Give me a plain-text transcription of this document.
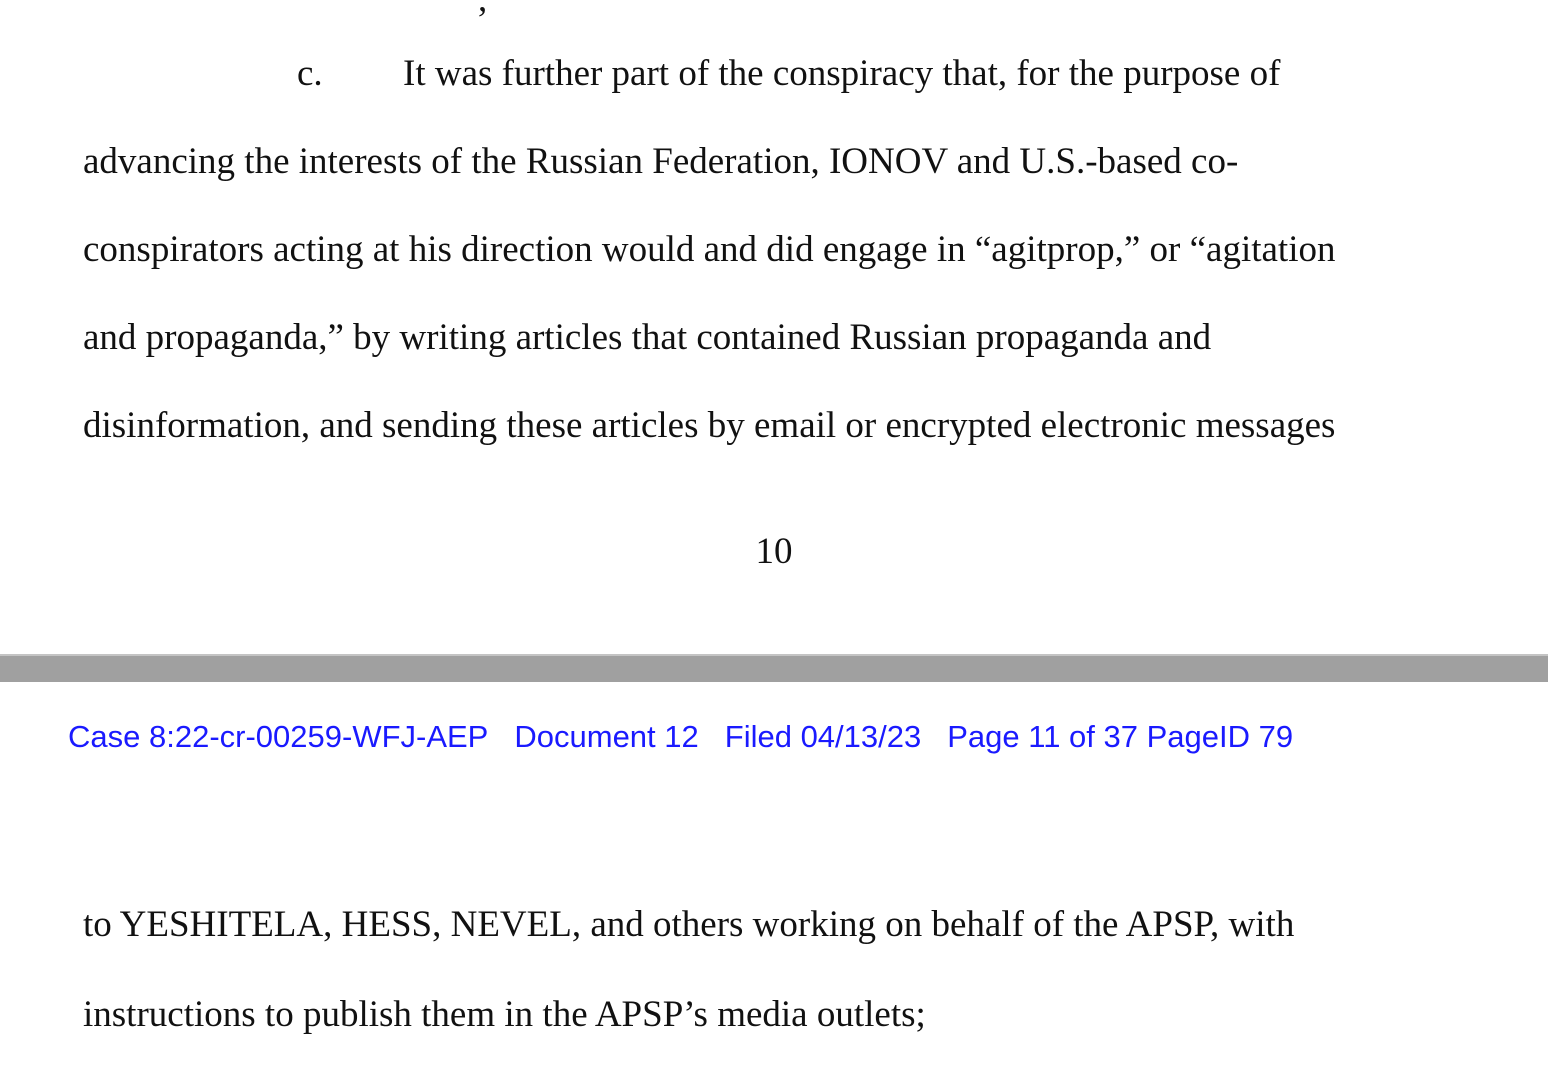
c. It was further part of the conspiracy that, for the purpose of
advancing the interests of the Russian Federation, IONOV and U.S.-based co-
conspirators acting at his direction would and did engage in “agitprop,” or “agitation
and propaganda,” by writing articles that contained Russian propaganda and
disinformation, and sending these articles by email or encrypted electronic messages
10
Case 8:22-cr-00259-WFJ-AEP Document 12 Filed 04/13/23 Page 11 of 37 PageID 79
to YESHITELA, HESS, NEVEL, and others working on behalf of the APSP, with
instructions to publish them in the APSP’s media outlets;
